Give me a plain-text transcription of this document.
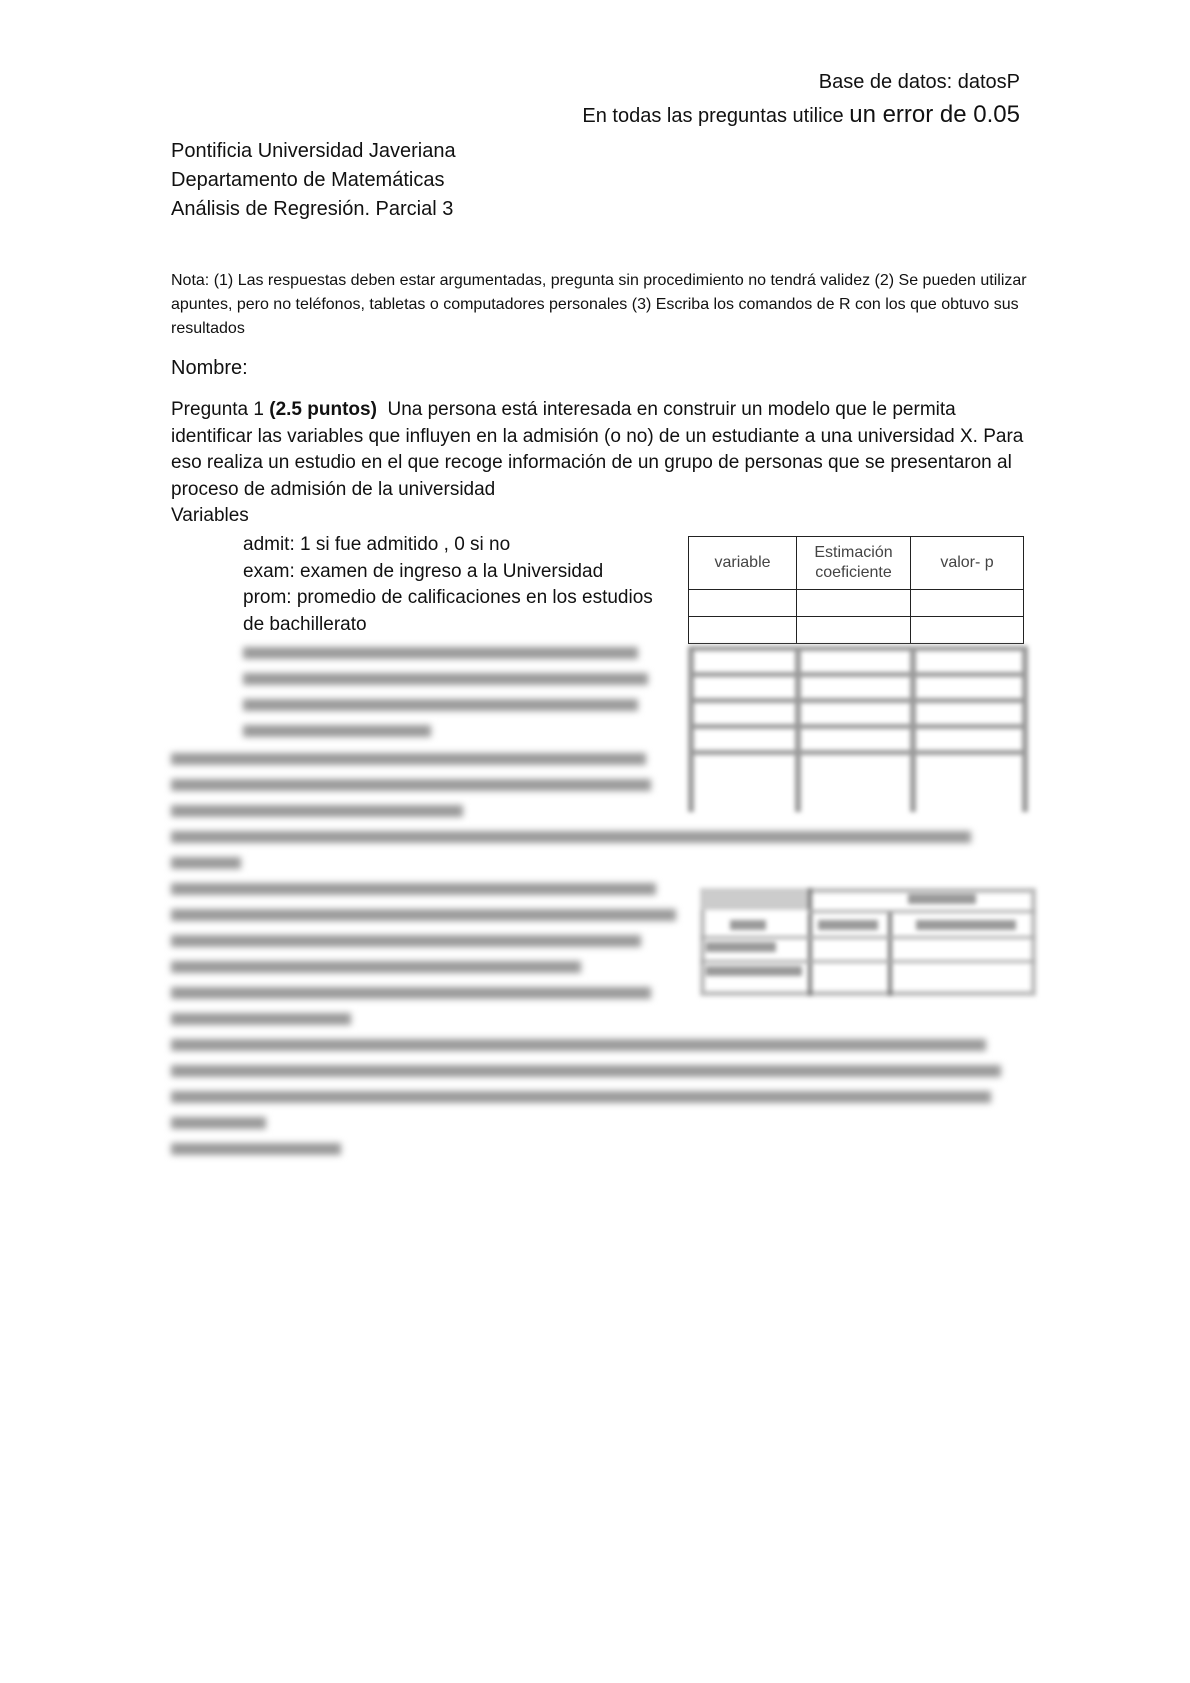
Base de datos: datosP
En todas las preguntas utilice un error de 0.05
Pontificia Universidad Javeriana
Departamento de Matemáticas
Análisis de Regresión. Parcial 3
Nota: (1) Las respuestas deben estar argumentadas, pregunta sin procedimiento no tendrá validez (2) Se pueden utilizar apuntes, pero no teléfonos, tabletas o computadores personales (3) Escriba los comandos de R con los que obtuvo sus resultados
Nombre:
Pregunta 1 (2.5 puntos) Una persona está interesada en construir un modelo que le permita identificar las variables que influyen en la admisión (o no) de un estudiante a una universidad X. Para eso realiza un estudio en el que recoge información de un grupo de personas que se presentaron al proceso de admisión de la universidad
Variables
admit: 1 si fue admitido , 0 si no
exam: examen de ingreso a la Universidad
prom: promedio de calificaciones en los estudios de bachillerato
variable	Estimación coeficiente	valor- p
